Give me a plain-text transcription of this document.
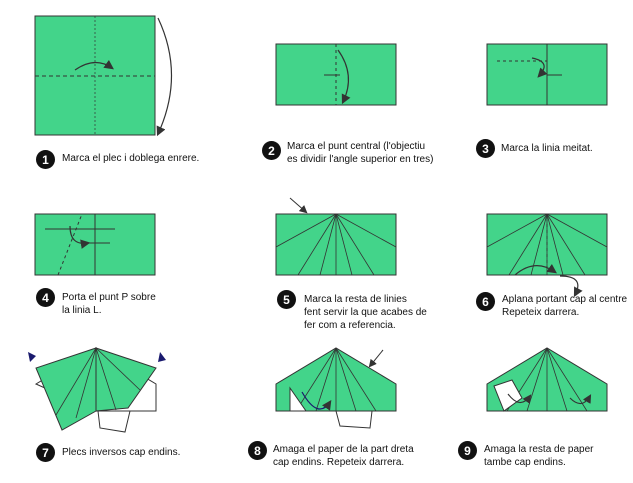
1	Marca el plec i doblega enrere.

2	Marca el punt central (l'objectiu
es dividir l'angle superior en tres)

3	Marca la linia meitat.

4	Porta el punt P sobre
la linia L.

5	Marca la resta de linies
fent servir la que acabes de
fer com a referencia.

6	Aplana portant cap al centre
Repeteix darrera.

7	Plecs inversos cap endins.	8	Amaga el paper de la part dreta
cap endins. Repeteix darrera.

9	Amaga la resta de paper
tambe cap endins.
